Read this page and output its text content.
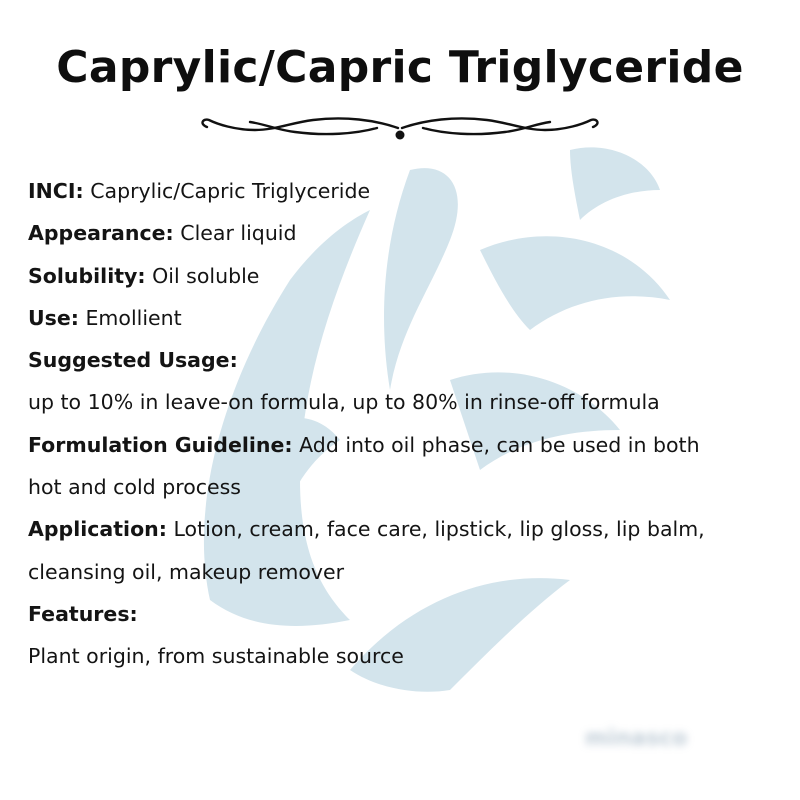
Caprylic/Capric Triglyceride
INCI: Caprylic/Capric Triglyceride
Appearance: Clear liquid
Solubility: Oil soluble
Use: Emollient
Suggested Usage:
up to 10% in leave-on formula, up to 80% in rinse-off formula
Formulation Guideline: Add into oil phase, can be used in both
hot and cold process
Application: Lotion, cream, face care, lipstick, lip gloss, lip balm,
cleansing oil, makeup remover
Features:
Plant origin, from sustainable source
minasco
